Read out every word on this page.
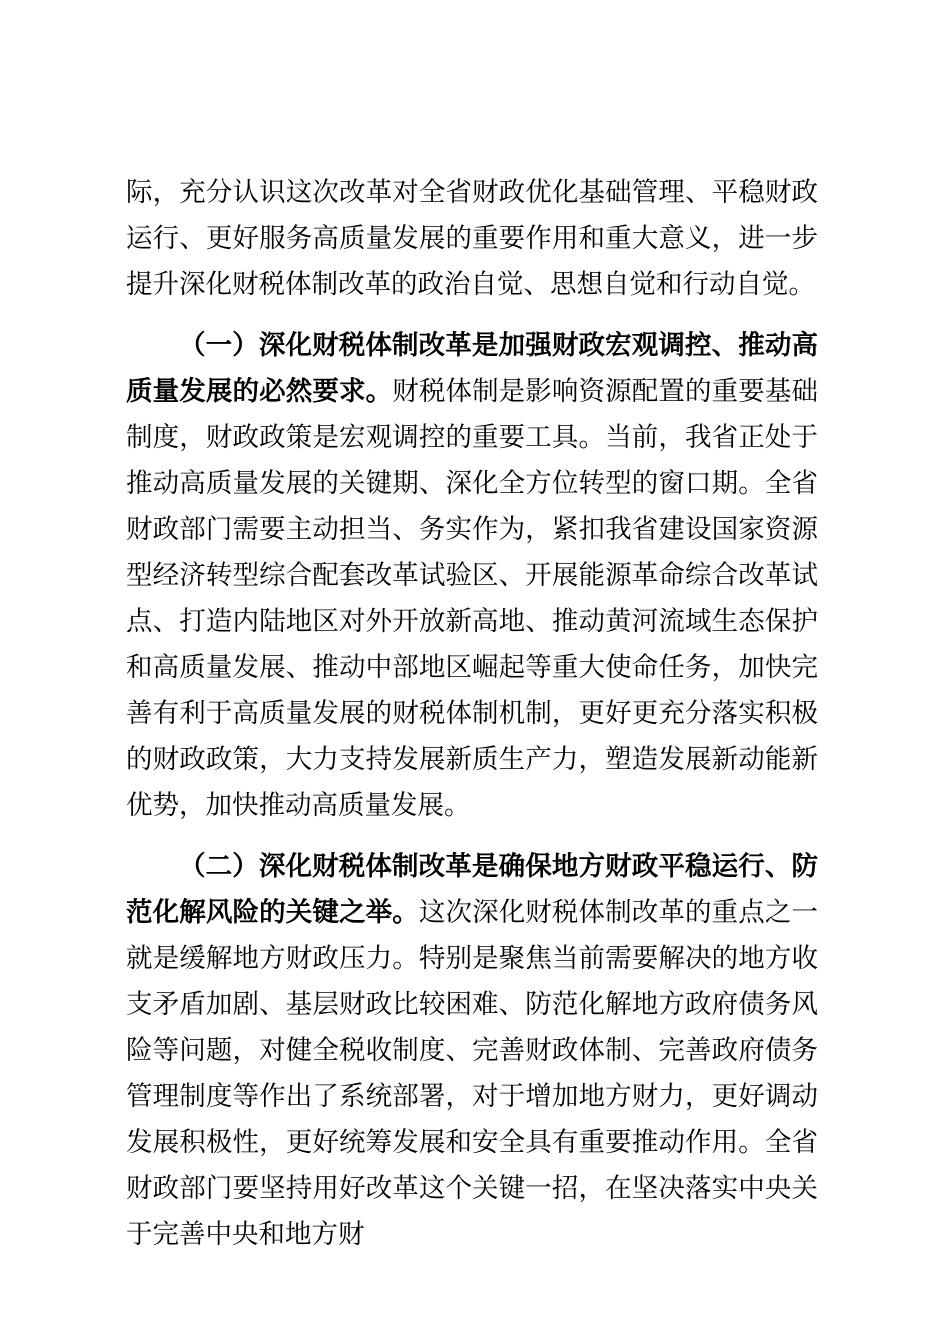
际，充分认识这次改革对全省财政优化基础管理、平稳财政运行、更好服务高质量发展的重要作用和重大意义，进一步提升深化财税体制改革的政治自觉、思想自觉和行动自觉。

（一）深化财税体制改革是加强财政宏观调控、推动高质量发展的必然要求。财税体制是影响资源配置的重要基础制度，财政政策是宏观调控的重要工具。当前，我省正处于推动高质量发展的关键期、深化全方位转型的窗口期。全省财政部门需要主动担当、务实作为，紧扣我省建设国家资源型经济转型综合配套改革试验区、开展能源革命综合改革试点、打造内陆地区对外开放新高地、推动黄河流域生态保护和高质量发展、推动中部地区崛起等重大使命任务，加快完善有利于高质量发展的财税体制机制，更好更充分落实积极的财政政策，大力支持发展新质生产力，塑造发展新动能新优势，加快推动高质量发展。

（二）深化财税体制改革是确保地方财政平稳运行、防范化解风险的关键之举。这次深化财税体制改革的重点之一就是缓解地方财政压力。特别是聚焦当前需要解决的地方收支矛盾加剧、基层财政比较困难、防范化解地方政府债务风险等问题，对健全税收制度、完善财政体制、完善政府债务管理制度等作出了系统部署，对于增加地方财力，更好调动发展积极性，更好统筹发展和安全具有重要推动作用。全省财政部门要坚持用好改革这个关键一招，在坚决落实中央关于完善中央和地方财
